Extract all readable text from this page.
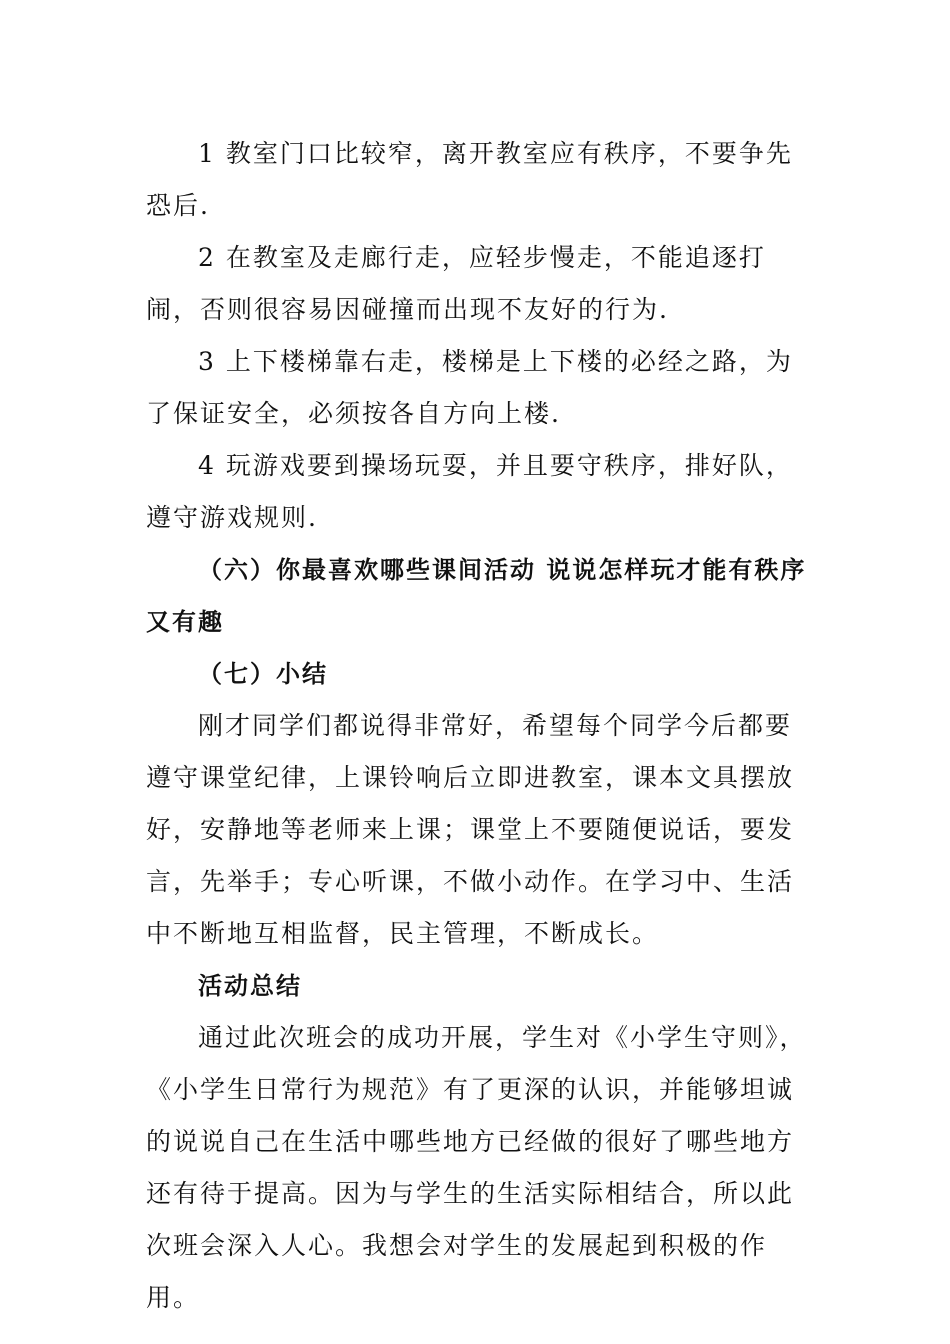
1 教室门口比较窄，离开教室应有秩序，不要争先恐后.

2 在教室及走廊行走，应轻步慢走，不能追逐打闹，否则很容易因碰撞而出现不友好的行为.

3 上下楼梯靠右走，楼梯是上下楼的必经之路，为了保证安全，必须按各自方向上楼.

4 玩游戏要到操场玩耍，并且要守秩序，排好队，遵守游戏规则.

（六）你最喜欢哪些课间活动 说说怎样玩才能有秩序又有趣

（七）小结

刚才同学们都说得非常好，希望每个同学今后都要遵守课堂纪律，上课铃响后立即进教室，课本文具摆放好，安静地等老师来上课；课堂上不要随便说话，要发言，先举手；专心听课，不做小动作。在学习中、生活中不断地互相监督，民主管理，不断成长。

活动总结

通过此次班会的成功开展，学生对《小学生守则》，《小学生日常行为规范》有了更深的认识，并能够坦诚的说说自己在生活中哪些地方已经做的很好了哪些地方还有待于提高。因为与学生的生活实际相结合，所以此次班会深入人心。我想会对学生的发展起到积极的作用。
